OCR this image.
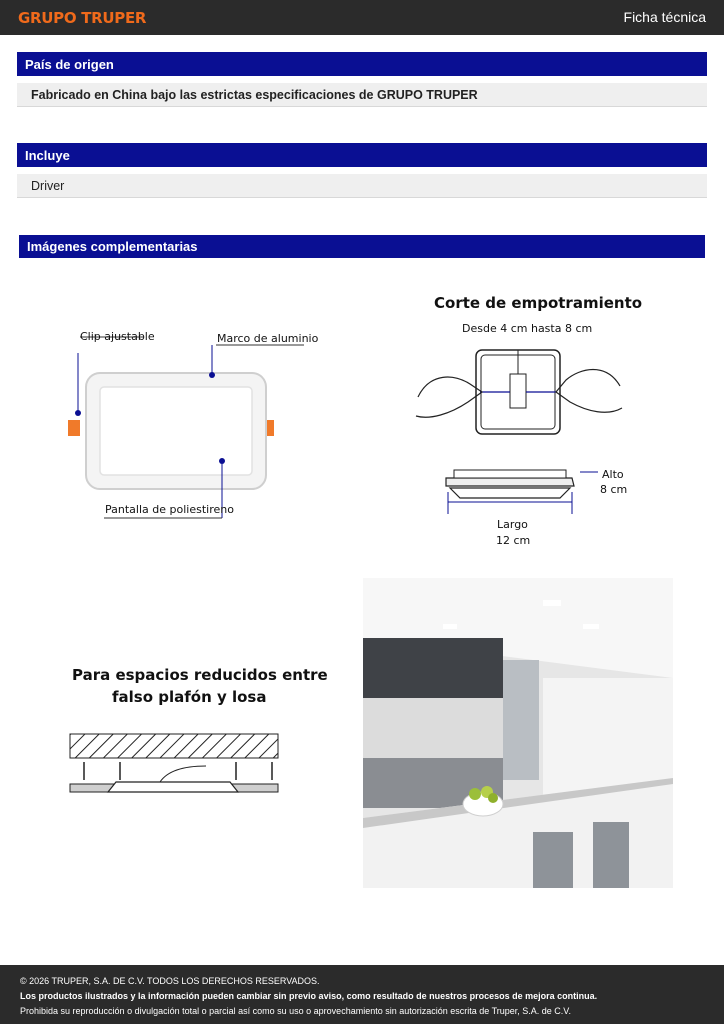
GRUPO TRUPER	Ficha técnica
País de origen
Fabricado en China bajo las estrictas especificaciones de GRUPO TRUPER
Incluye
Driver
Imágenes complementarias
Clip ajustable	Marco de aluminio
Pantalla de poliestireno
Corte de empotramiento
Desde 4 cm hasta 8 cm
Alto
8 cm
Largo
12 cm
Para espacios reducidos entre
falso plafón y losa
© 2026 TRUPER, S.A. DE C.V. TODOS LOS DERECHOS RESERVADOS.
Los productos ilustrados y la información pueden cambiar sin previo aviso, como resultado de nuestros procesos de mejora continua.
Prohibida su reproducción o divulgación total o parcial así como su uso o aprovechamiento sin autorización escrita de Truper, S.A. de C.V.
